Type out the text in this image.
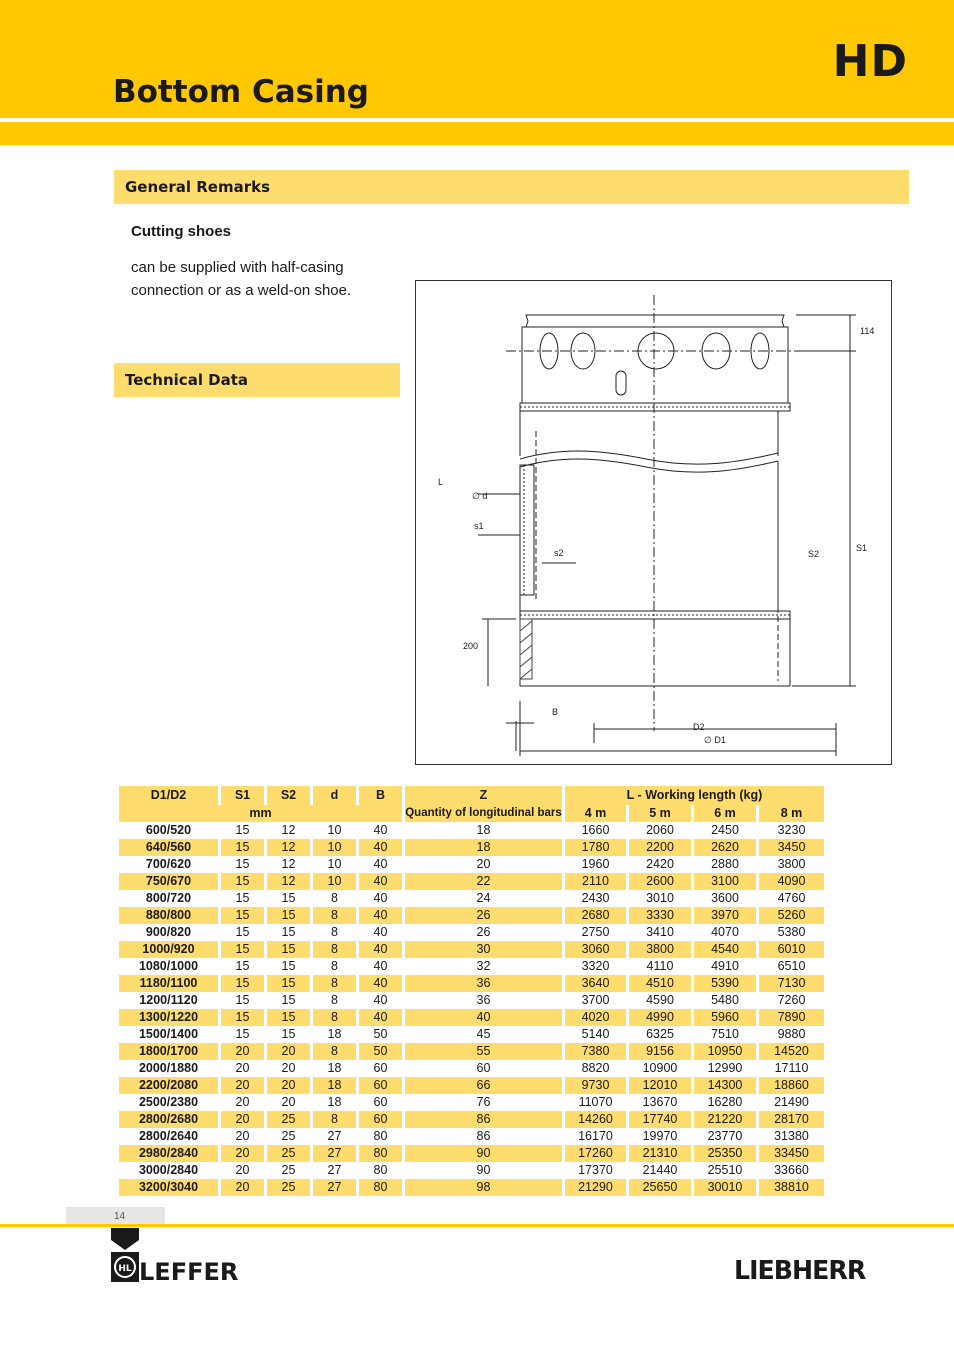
HD
Bottom Casing
General Remarks
Cutting shoes
can be supplied with half-casing connection or as a weld-on shoe.
Technical Data
114
L
∅ d
s1
s2	S2
S1
200
B
D2
∅ D1
D1/D2		S1		S2		d		B		Z		L - Working length (kg)						
mm										Quantity of longitudinal bars		4 m		5 m		6 m		8 m
600/520		15		12		10		40		18		1660		2060		2450		3230
640/560		15		12		10		40		18		1780		2200		2620		3450
700/620		15		12		10		40		20		1960		2420		2880		3800
750/670		15		12		10		40		22		2110		2600		3100		4090
800/720		15		15		8		40		24		2430		3010		3600		4760
880/800		15		15		8		40		26		2680		3330		3970		5260
900/820		15		15		8		40		26		2750		3410		4070		5380
1000/920		15		15		8		40		30		3060		3800		4540		6010
1080/1000		15		15		8		40		32		3320		4110		4910		6510
1180/1100		15		15		8		40		36		3640		4510		5390		7130
1200/1120		15		15		8		40		36		3700		4590		5480		7260
1300/1220		15		15		8		40		40		4020		4990		5960		7890
1500/1400		15		15		18		50		45		5140		6325		7510		9880
1800/1700		20		20		8		50		55		7380		9156		10950		14520
2000/1880		20		20		18		60		60		8820		10900		12990		17110
2200/2080		20		20		18		60		66		9730		12010		14300		18860
2500/2380		20		20		18		60		76		11070		13670		16280		21490
2800/2680		20		25		8		60		86		14260		17740		21220		28170
2800/2640		20		25		27		80		86		16170		19970		23770		31380
2980/2840		20		25		27		80		90		17260		21310		25350		33450
3000/2840		20		25		27		80		90		17370		21440		25510		33660
3200/3040		20		25		27		80		98		21290		25650		30010		38810
14
HL LEFFER	LIEBHERR
